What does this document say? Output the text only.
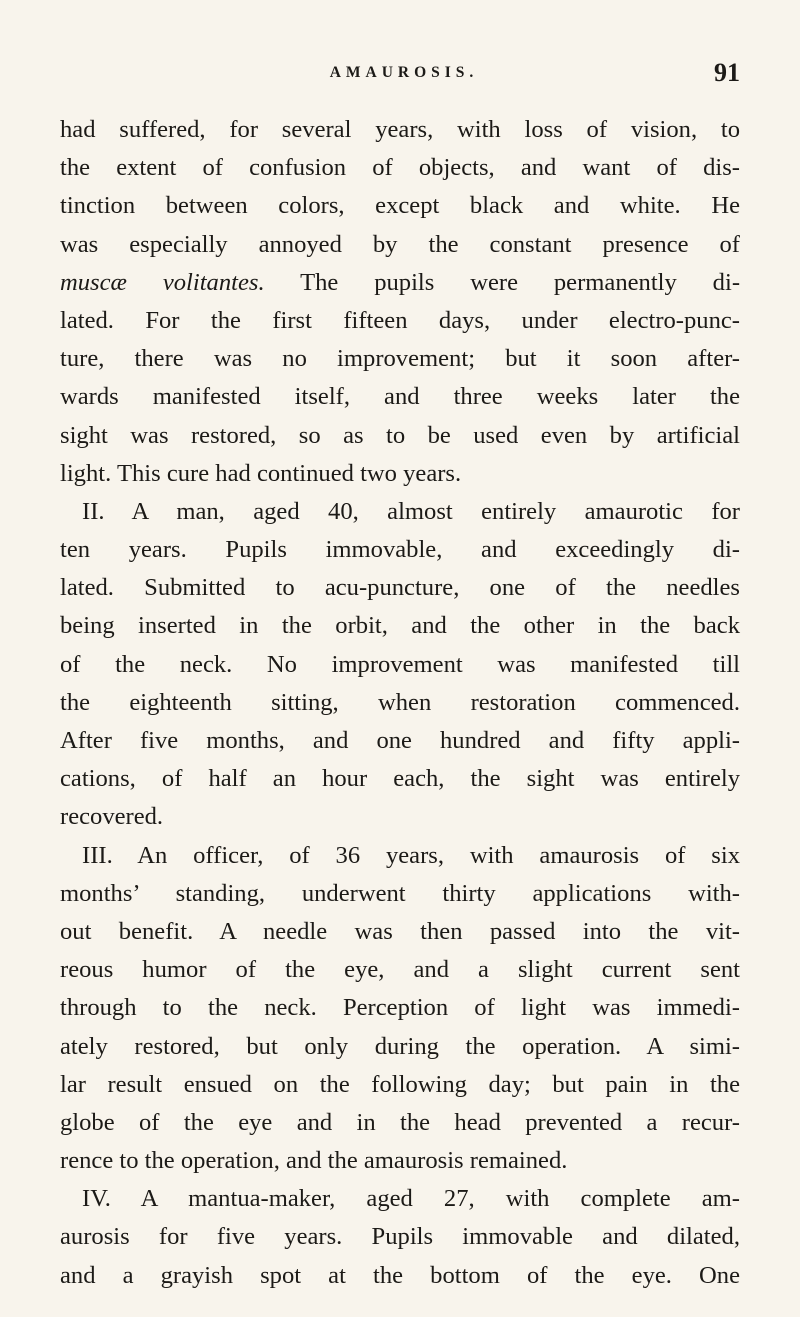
AMAUROSIS.	91
had suffered, for several years, with loss of vision, to
the extent of confusion of objects, and want of dis-
tinction between colors, except black and white. He
was especially annoyed by the constant presence of
muscæ volitantes. The pupils were permanently di-
lated. For the first fifteen days, under electro-punc-
ture, there was no improvement; but it soon after-
wards manifested itself, and three weeks later the
sight was restored, so as to be used even by artificial
light. This cure had continued two years.
II. A man, aged 40, almost entirely amaurotic for
ten years. Pupils immovable, and exceedingly di-
lated. Submitted to acu-puncture, one of the needles
being inserted in the orbit, and the other in the back
of the neck. No improvement was manifested till
the eighteenth sitting, when restoration commenced.
After five months, and one hundred and fifty appli-
cations, of half an hour each, the sight was entirely
recovered.
III. An officer, of 36 years, with amaurosis of six
months’ standing, underwent thirty applications with-
out benefit. A needle was then passed into the vit-
reous humor of the eye, and a slight current sent
through to the neck. Perception of light was immedi-
ately restored, but only during the operation. A simi-
lar result ensued on the following day; but pain in the
globe of the eye and in the head prevented a recur-
rence to the operation, and the amaurosis remained.
IV. A mantua-maker, aged 27, with complete am-
aurosis for five years. Pupils immovable and dilated,
and a grayish spot at the bottom of the eye. One
